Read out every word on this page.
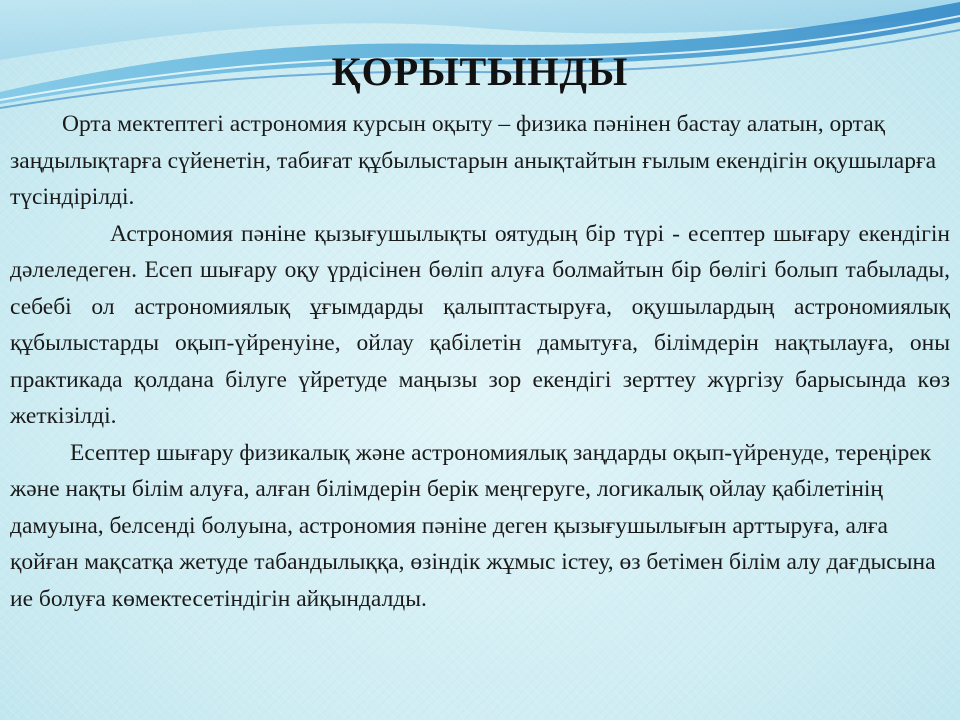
ҚОРЫТЫНДЫ

Орта мектептегі астрономия курсын оқыту – физика пәнінен бастау алатын, ортақ заңдылықтарға сүйенетін, табиғат құбылыстарын анықтайтын ғылым екендігін оқушыларға түсіндірілді.

Астрономия пәніне қызығушылықты оятудың бір түрі - есептер шығару екендігін дәлеледеген. Есеп шығару оқу үрдісінен бөліп алуға болмайтын бір бөлігі болып табылады, себебі ол астрономиялық ұғымдарды қалыптастыруға, оқушылардың астрономиялық құбылыстарды оқып-үйренуіне, ойлау қабілетін дамытуға, білімдерін нақтылауға, оны практикада қолдана білуге үйретуде маңызы зор екендігі зерттеу жүргізу барысында көз жеткізілді.

Есептер шығару физикалық және астрономиялық заңдарды оқып-үйренуде, тереңірек және нақты білім алуға, алған білімдерін берік меңгеруге, логикалық ойлау қабілетінің дамуына, белсенді болуына, астрономия пәніне деген қызығушылығын арттыруға, алға қойған мақсатқа жетуде табандылыққа, өзіндік жұмыс істеу, өз бетімен білім алу дағдысына ие болуға көмектесетіндігін айқындалды.
